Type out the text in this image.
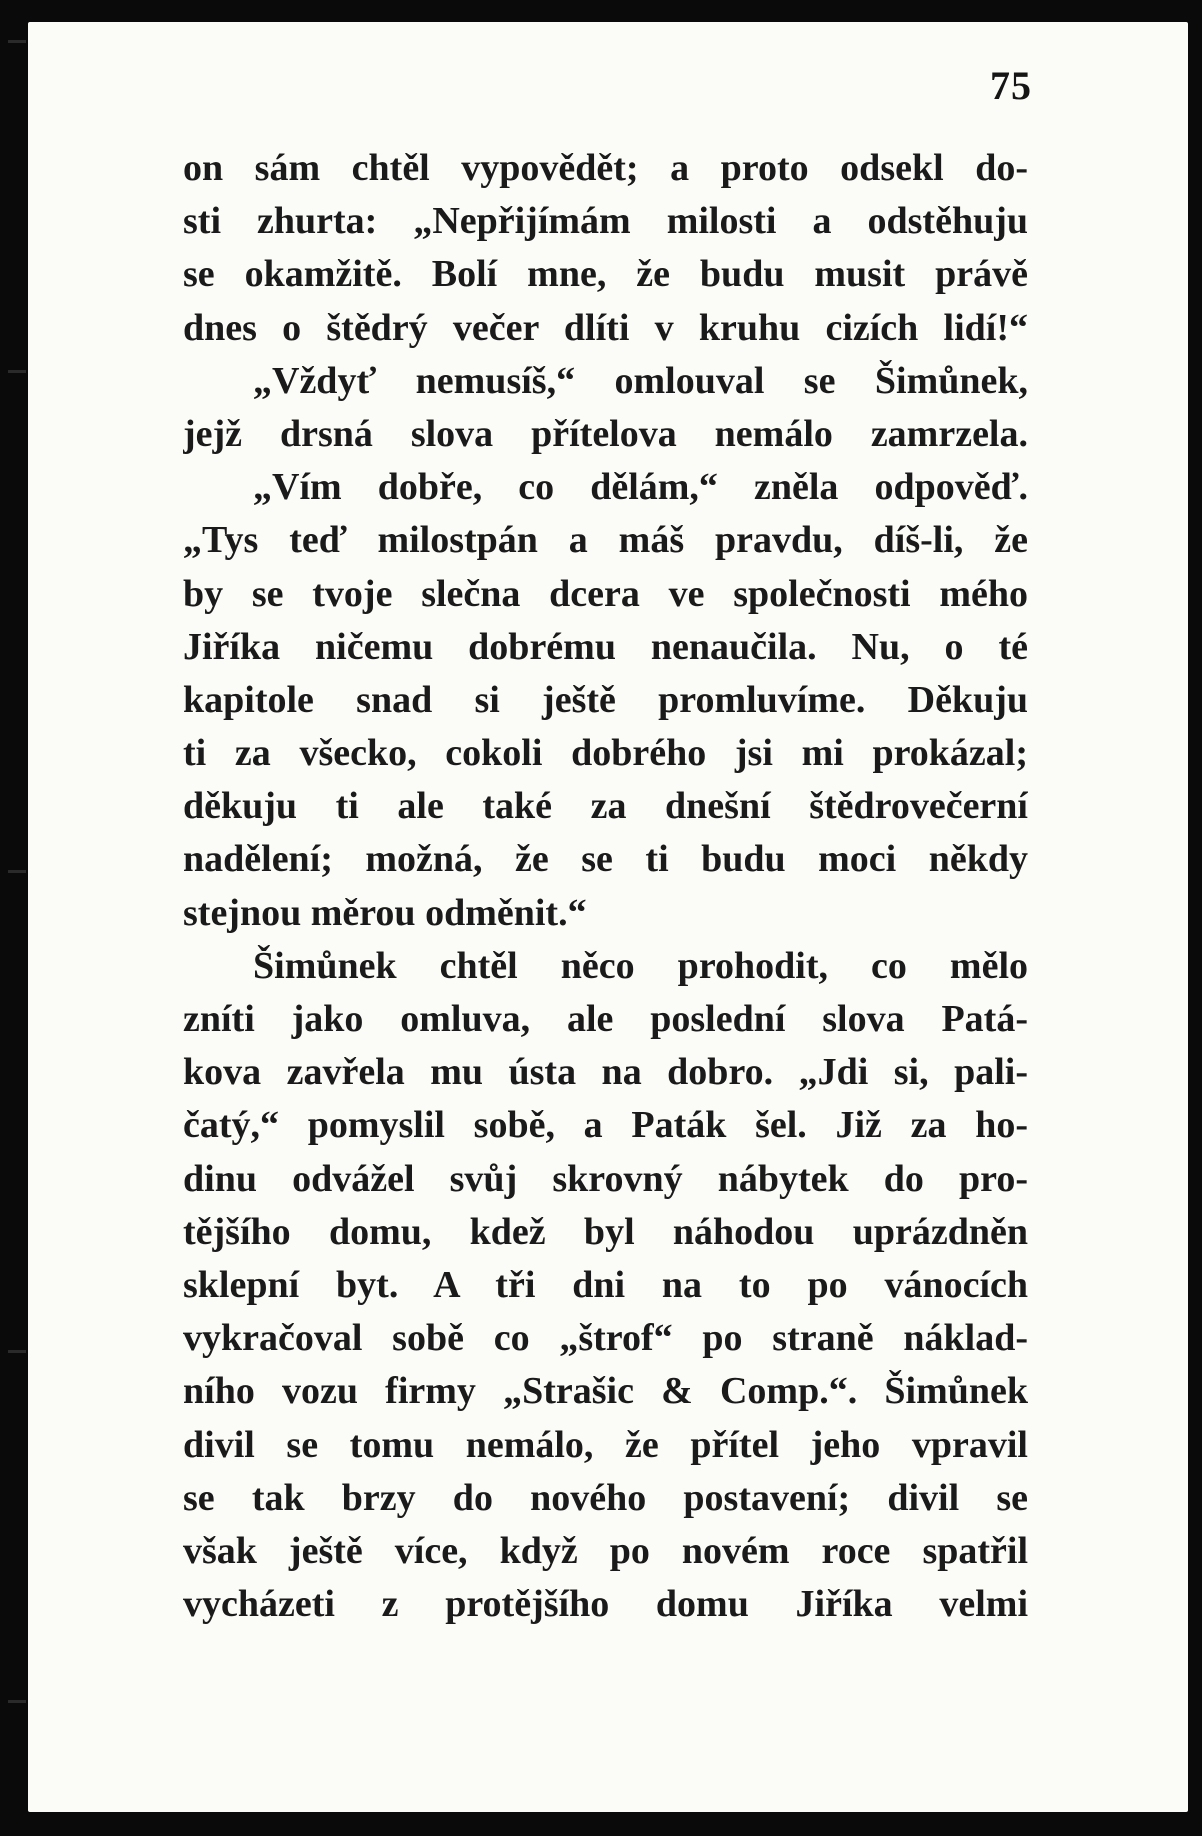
75
on sám chtěl vypovědět; a proto odsekl do-
sti zhurta: „Nepřijímám milosti a odstěhuju
se okamžitě. Bolí mne, že budu musit právě
dnes o štědrý večer dlíti v kruhu cizích lidí!“
„Vždyť nemusíš,“ omlouval se Šimůnek,
jejž drsná slova přítelova nemálo zamrzela.
„Vím dobře, co dělám,“ zněla odpověď.
„Tys teď milostpán a máš pravdu, díš-li, že
by se tvoje slečna dcera ve společnosti mého
Jiříka ničemu dobrému nenaučila. Nu, o té
kapitole snad si ještě promluvíme. Děkuju
ti za všecko, cokoli dobrého jsi mi prokázal;
děkuju ti ale také za dnešní štědrovečerní
nadělení; možná, že se ti budu moci někdy
stejnou měrou odměnit.“
Šimůnek chtěl něco prohodit, co mělo
zníti jako omluva, ale poslední slova Patá-
kova zavřela mu ústa na dobro. „Jdi si, pali-
čatý,“ pomyslil sobě, a Paták šel. Již za ho-
dinu odvážel svůj skrovný nábytek do pro-
tějšího domu, kdež byl náhodou uprázdněn
sklepní byt. A tři dni na to po vánocích
vykračoval sobě co „štrof“ po straně náklad-
ního vozu firmy „Strašic & Comp.“. Šimůnek
divil se tomu nemálo, že přítel jeho vpravil
se tak brzy do nového postavení; divil se
však ještě více, když po novém roce spatřil
vycházeti z protějšího domu Jiříka velmi
